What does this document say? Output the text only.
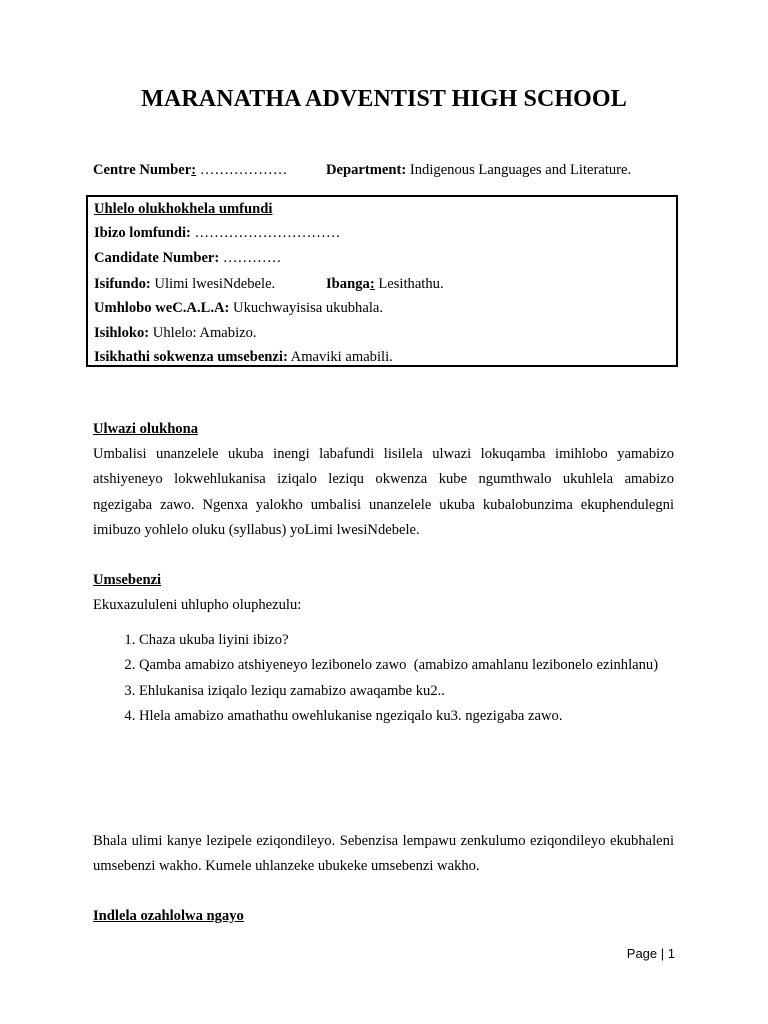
MARANATHA ADVENTIST HIGH SCHOOL
Centre Number: ………………	Department: Indigenous Languages and Literature.
Uhlelo olukhokhela umfundi
Ibizo lomfundi: …………………………
Candidate Number: …………
Isifundo: Ulimi lwesiNdebele.	Ibanga: Lesithathu.
Umhlobo weC.A.L.A: Ukuchwayisisa ukubhala.
Isihloko: Uhlelo: Amabizo.
Isikhathi sokwenza umsebenzi: Amaviki amabili.
Ulwazi olukhona
Umbalisi unanzelele ukuba inengi labafundi lisilela ulwazi lokuqamba imihlobo yamabizo atshiyeneyo lokwehlukanisa iziqalo leziqu okwenza kube ngumthwalo ukuhlela amabizo ngezigaba zawo. Ngenxa yalokho umbalisi unanzelele ukuba kubalobunzima ekuphendulegni imibuzo yohlelo oluku (syllabus) yoLimi lwesiNdebele.
Umsebenzi
Ekuxazululeni uhlupho oluphezulu:
1. Chaza ukuba liyini ibizo?
2. Qamba amabizo atshiyeneyo lezibonelo zawo  (amabizo amahlanu lezibonelo ezinhlanu)
3. Ehlukanisa iziqalo leziqu zamabizo awaqambe ku2..
4. Hlela amabizo amathathu owehlukanise ngeziqalo ku3. ngezigaba zawo.
Bhala ulimi kanye lezipele eziqondileyo. Sebenzisa lempawu zenkulumo eziqondileyo ekubhaleni umsebenzi wakho. Kumele uhlanzeke ubukeke umsebenzi wakho.
Indlela ozahlolwa ngayo
Page | 1
